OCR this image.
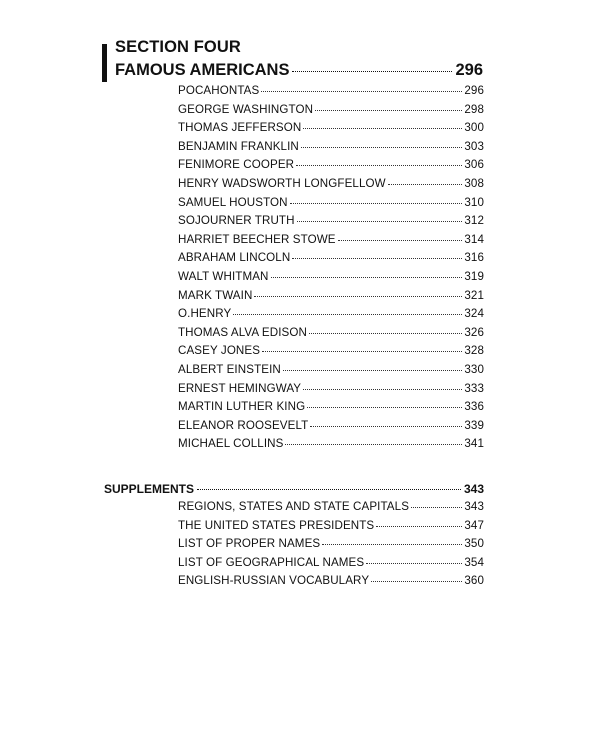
SECTION FOUR
FAMOUS AMERICANS	296
POCAHONTAS	296
GEORGE WASHINGTON	298
THOMAS JEFFERSON	300
BENJAMIN FRANKLIN	303
FENIMORE COOPER	306
HENRY WADSWORTH LONGFELLOW	308
SAMUEL HOUSTON	310
SOJOURNER TRUTH	312
HARRIET BEECHER STOWE	314
ABRAHAM LINCOLN	316
WALT WHITMAN	319
MARK TWAIN	321
O.HENRY	324
THOMAS ALVA EDISON	326
CASEY JONES	328
ALBERT EINSTEIN	330
ERNEST HEMINGWAY	333
MARTIN LUTHER KING	336
ELEANOR ROOSEVELT	339
MICHAEL COLLINS	341
SUPPLEMENTS	343
REGIONS, STATES AND STATE CAPITALS	343
THE UNITED STATES PRESIDENTS	347
LIST OF PROPER NAMES	350
LIST OF GEOGRAPHICAL NAMES	354
ENGLISH-RUSSIAN VOCABULARY	360
